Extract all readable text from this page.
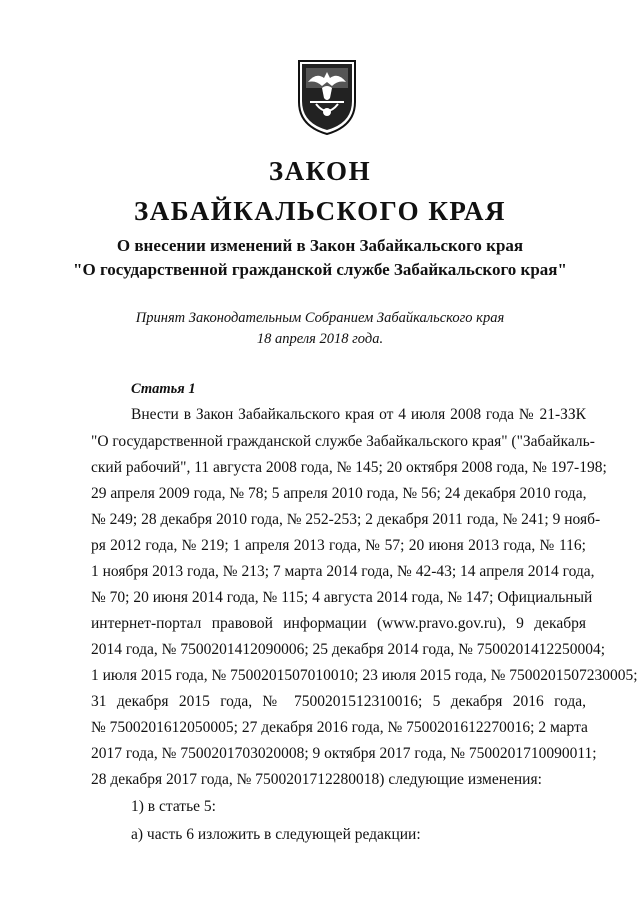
ЗАКОН
ЗАБАЙКАЛЬСКОГО КРАЯ
О внесении изменений в Закон Забайкальского края
"О государственной гражданской службе Забайкальского края"
Принят Законодательным Собранием Забайкальского края
18 апреля 2018 года.
Статья 1
Внести в Закон Забайкальского края от 4 июля 2008 года № 21-ЗЗК
"О государственной гражданской службе Забайкальского края" ("Забайкаль-
ский рабочий", 11 августа 2008 года, № 145; 20 октября 2008 года, № 197-198;
29 апреля 2009 года, № 78; 5 апреля 2010 года, № 56; 24 декабря 2010 года,
№ 249; 28 декабря 2010 года, № 252-253; 2 декабря 2011 года, № 241; 9 нояб-
ря 2012 года, № 219; 1 апреля 2013 года, № 57; 20 июня 2013 года, № 116;
1 ноября 2013 года, № 213; 7 марта 2014 года, № 42-43; 14 апреля 2014 года,
№ 70; 20 июня 2014 года, № 115; 4 августа 2014 года, № 147; Официальный
интернет-портал правовой информации (www.pravo.gov.ru), 9 декабря
2014 года, № 7500201412090006; 25 декабря 2014 года, № 7500201412250004;
1 июля 2015 года, № 7500201507010010; 23 июля 2015 года, № 7500201507230005;
31 декабря 2015 года, № 7500201512310016; 5 декабря 2016 года,
№ 7500201612050005; 27 декабря 2016 года, № 7500201612270016; 2 марта
2017 года, № 7500201703020008; 9 октября 2017 года, № 7500201710090011;
28 декабря 2017 года, № 7500201712280018) следующие изменения:
1) в статье 5:
а) часть 6 изложить в следующей редакции:
